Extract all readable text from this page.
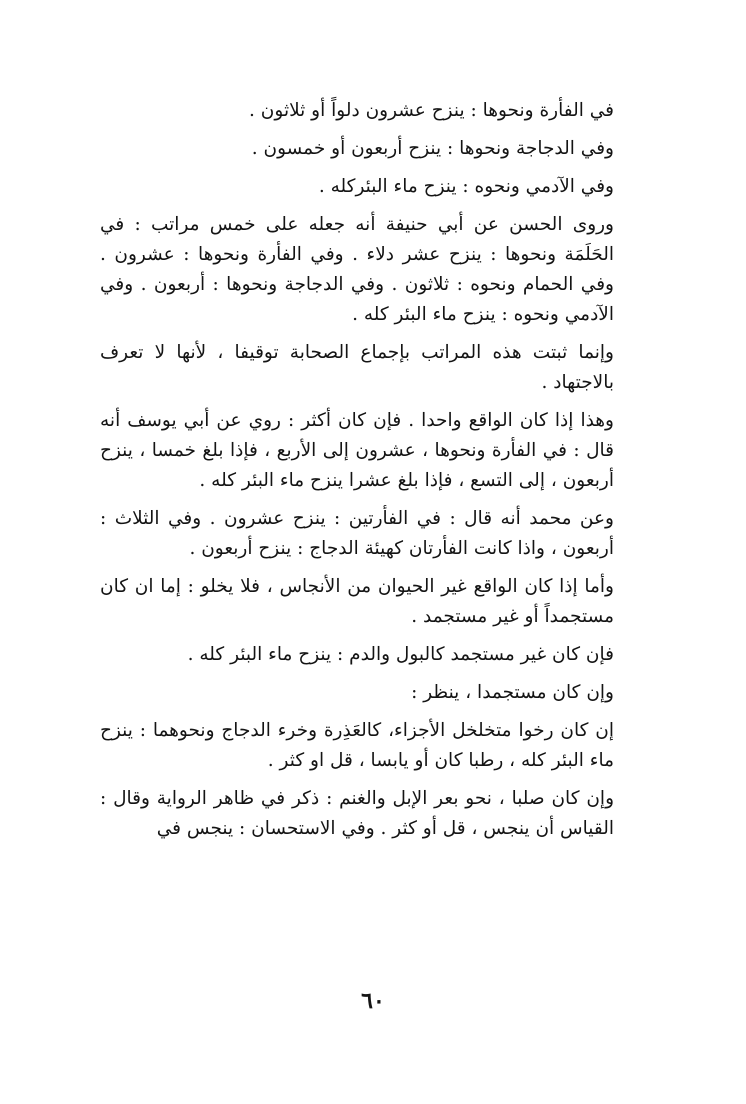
في الفأرة ونحوها : ينزح عشرون دلواً أو ثلاثون .

وفي الدجاجة ونحوها : ينزح أربعون أو خمسون .

وفي الآدمي ونحوه : ينزح ماء البئركله .

وروى الحسن عن أبي حنيفة أنه جعله على خمس مراتب : في الحَلَمَة ونحوها : ينزح عشر دلاء . وفي الفأرة ونحوها : عشرون . وفي الحمام ونحوه : ثلاثون . وفي الدجاجة ونحوها : أربعون . وفي الآدمي ونحوه : ينزح ماء البئر كله .

وإنما ثبتت هذه المراتب بإجماع الصحابة توقيفا ، لأنها لا تعرف بالاجتهاد .

وهذا إذا كان الواقع واحدا . فإن كان أكثر : روي عن أبي يوسف أنه قال : في الفأرة ونحوها ، عشرون إلى الأربع ، فإذا بلغ خمسا ، ينزح أربعون ، إلى التسع ، فإذا بلغ عشرا ينزح ماء البئر كله .

وعن محمد أنه قال : في الفأرتين : ينزح عشرون . وفي الثلاث : أربعون ، واذا كانت الفأرتان كهيئة الدجاج : ينزح أربعون .

وأما إذا كان الواقع غير الحيوان من الأنجاس ، فلا يخلو : إما ان كان مستجمداً أو غير مستجمد .

فإن كان غير مستجمد كالبول والدم : ينزح ماء البئر كله .

وإن كان مستجمدا ، ينظر :

إن كان رخوا متخلخل الأجزاء، كالعَذِرة وخرء الدجاج ونحوهما : ينزح ماء البئر كله ، رطبا كان أو يابسا ، قل او كثر .

وإن كان صلبا ، نحو بعر الإبل والغنم : ذكر في ظاهر الرواية وقال : القياس أن ينجس ، قل أو كثر . وفي الاستحسان : ينجس في

٦٠
